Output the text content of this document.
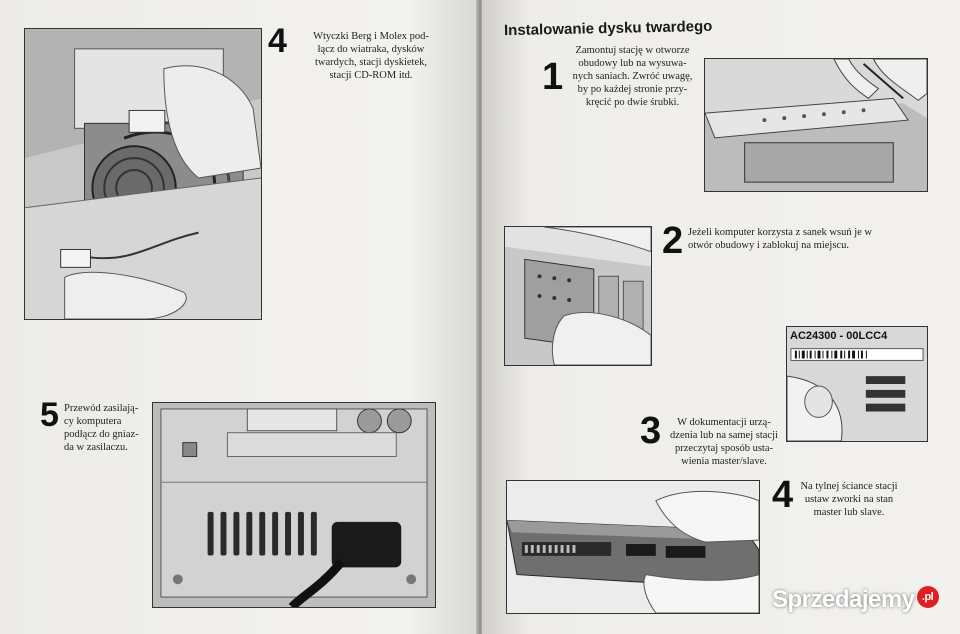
4	Wtyczki Berg i Molex pod-
łącz do wiatraka, dysków
twardych, stacji dyskietek,
stacji CD-ROM itd.
5 Przewód zasilają-
cy komputera
podłącz do gniaz-
da w zasilaczu.
Instalowanie dysku twardego
1
Zamontuj stację w otworze
obudowy lub na wysuwa-
nych saniach. Zwróć uwagę,
by po każdej stronie przy-
kręcić po dwie śrubki.
2 Jeżeli komputer korzysta z sanek wsuń je w
otwór obudowy i zablokuj na miejscu.
AC24300 - 00LCC4
3	W dokumentacji urzą-
dzenia lub na samej stacji
przeczytaj sposób usta-
wienia master/slave.
4 Na tylnej ściance stacji
ustaw zworki na stan
master lub slave.
Sprzedajemy .pl
